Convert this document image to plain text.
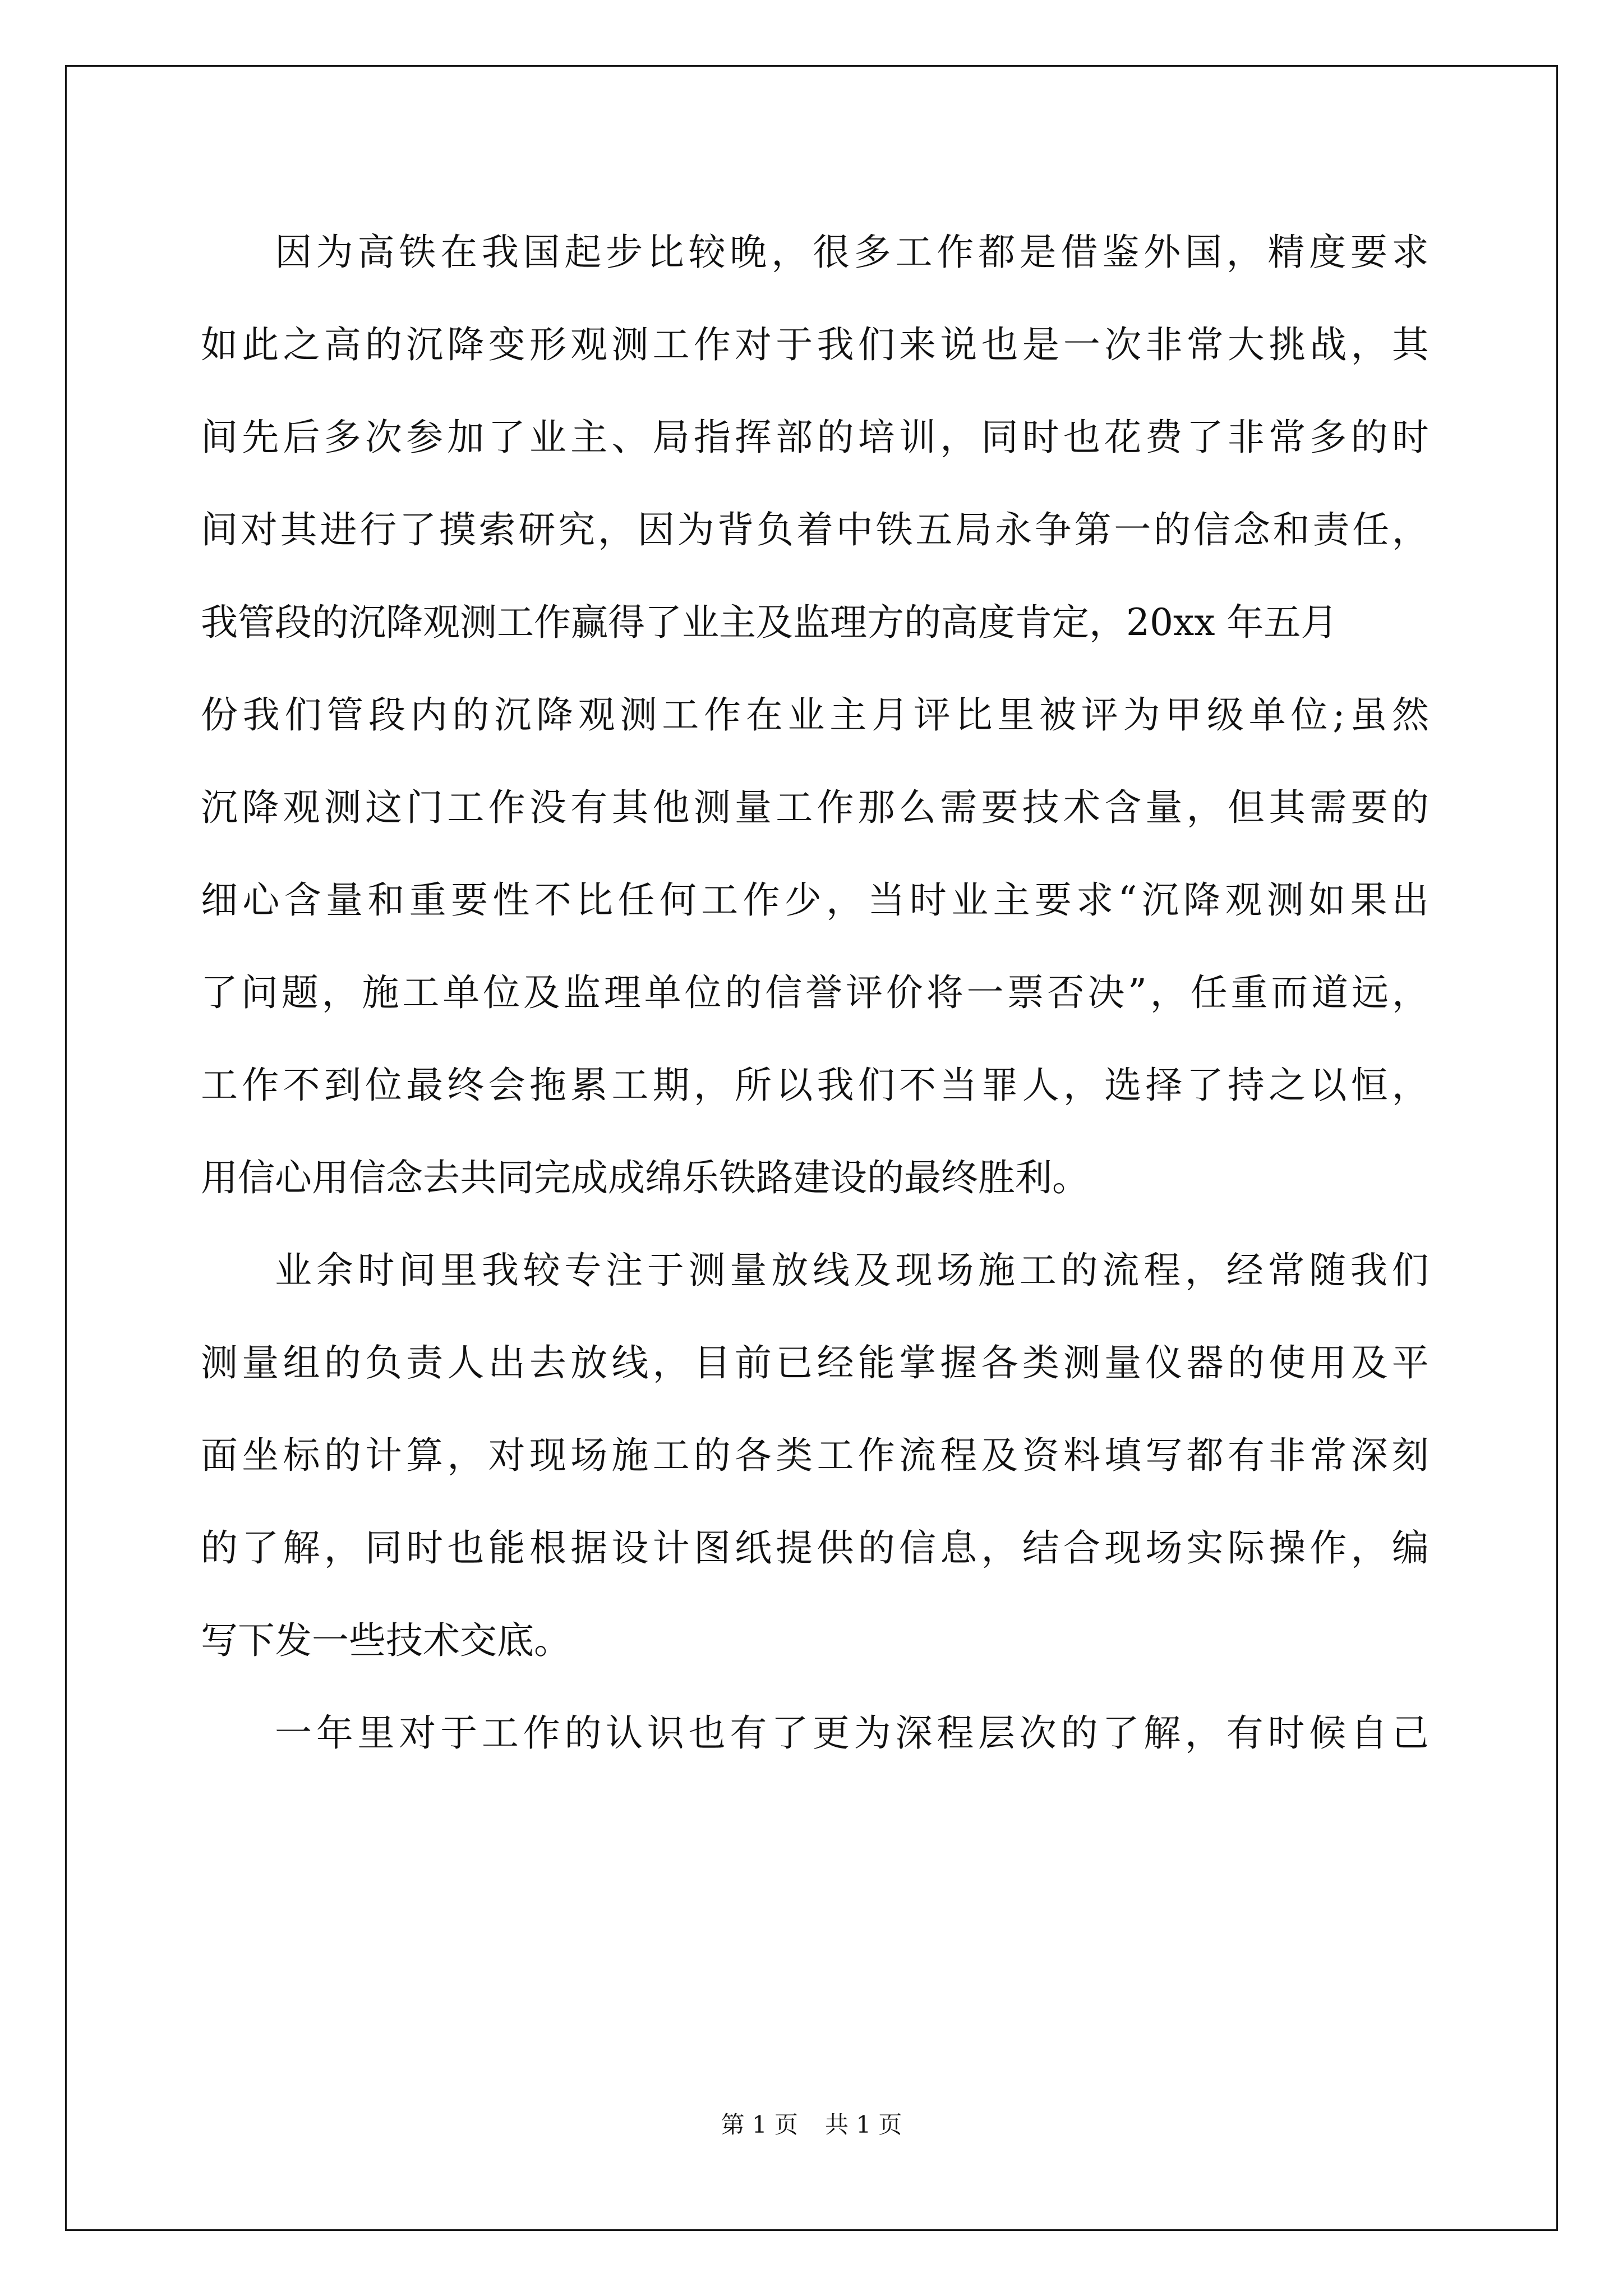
因 为 高 铁 在 我 国 起 步 比 较 晚 ， 很 多 工 作 都 是 借 鉴 外 国 ， 精 度 要 求
如 此 之 高 的 沉 降 变 形 观 测 工 作 对 于 我 们 来 说 也 是 一 次 非 常 大 挑 战 ， 其
间 先 后 多 次 参 加 了 业 主 、 局 指 挥 部 的 培 训 ， 同 时 也 花 费 了 非 常 多 的 时
间 对 其 进 行 了 摸 索 研 究 ， 因 为 背 负 着 中 铁 五 局 永 争 第 一 的 信 念 和 责 任 ，
我管段的沉降观测工作赢得了业主及监理方的高度肯定，20xx 年五月
份 我 们 管 段 内 的 沉 降 观 测 工 作 在 业 主 月 评 比 里 被 评 为 甲 级 单 位 ; 虽 然
沉 降 观 测 这 门 工 作 没 有 其 他 测 量 工 作 那 么 需 要 技 术 含 量 ， 但 其 需 要 的
细 心 含 量 和 重 要 性 不 比 任 何 工 作 少 ， 当 时 业 主 要 求 “ 沉 降 观 测 如 果 出
了 问 题 ， 施 工 单 位 及 监 理 单 位 的 信 誉 评 价 将 一 票 否 决 ” ， 任 重 而 道 远 ，
工 作 不 到 位 最 终 会 拖 累 工 期 ， 所 以 我 们 不 当 罪 人 ， 选 择 了 持 之 以 恒 ，
用信心用信念去共同完成成绵乐铁路建设的最终胜利。
业 余 时 间 里 我 较 专 注 于 测 量 放 线 及 现 场 施 工 的 流 程 ， 经 常 随 我 们
测 量 组 的 负 责 人 出 去 放 线 ， 目 前 已 经 能 掌 握 各 类 测 量 仪 器 的 使 用 及 平
面 坐 标 的 计 算 ， 对 现 场 施 工 的 各 类 工 作 流 程 及 资 料 填 写 都 有 非 常 深 刻
的 了 解 ， 同 时 也 能 根 据 设 计 图 纸 提 供 的 信 息 ， 结 合 现 场 实 际 操 作 ， 编
写下发一些技术交底。
一 年 里 对 于 工 作 的 认 识 也 有 了 更 为 深 程 层 次 的 了 解 ， 有 时 候 自 己
第 1 页 共 1 页
